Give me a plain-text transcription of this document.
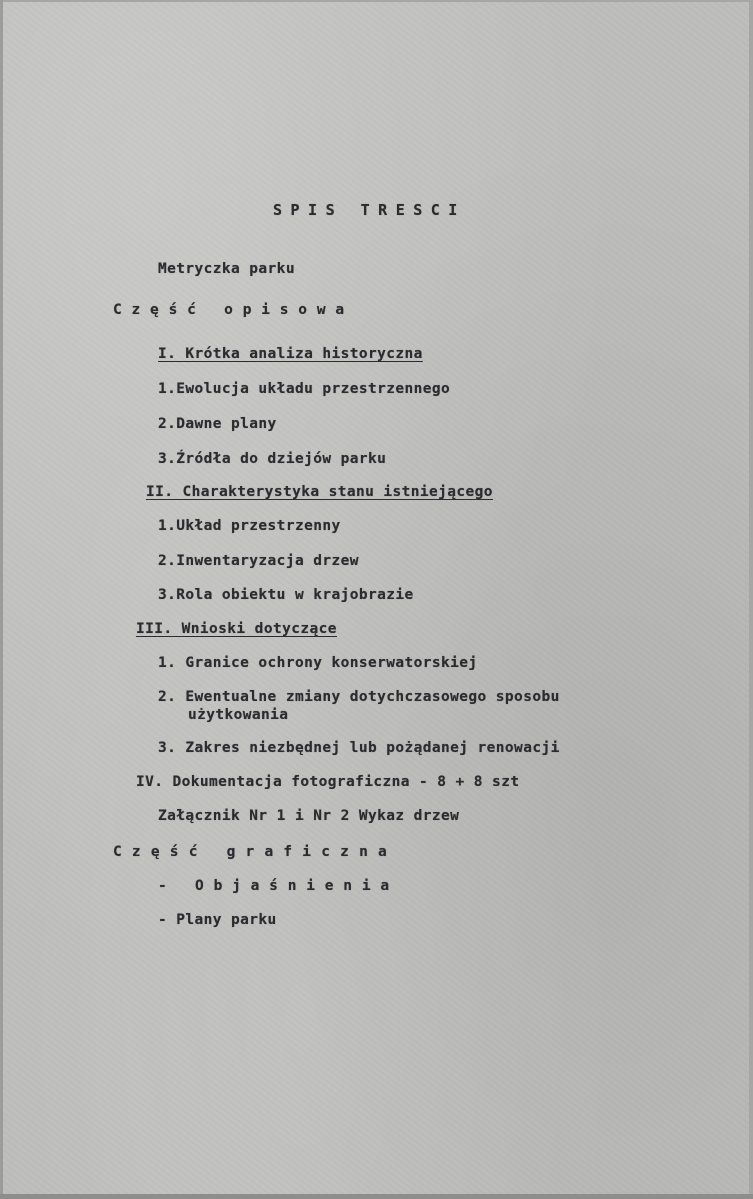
SPIS TRESCI
Metryczka parku
Część opisowa
I. Krótka analiza historyczna
1.Ewolucja układu przestrzennego
2.Dawne plany
3.Źródła do dziejów parku
II. Charakterystyka stanu istniejącego
1.Układ przestrzenny
2.Inwentaryzacja drzew
3.Rola obiektu w krajobrazie
III. Wnioski dotyczące
1. Granice ochrony konserwatorskiej
2. Ewentualne zmiany dotychczasowego sposobu
użytkowania
3. Zakres niezbędnej lub pożądanej renowacji
IV. Dokumentacja fotograficzna - 8 + 8 szt
Załącznik Nr 1 i Nr 2 Wykaz drzew
Część graficzna
- Objaśnienia
- Plany parku
